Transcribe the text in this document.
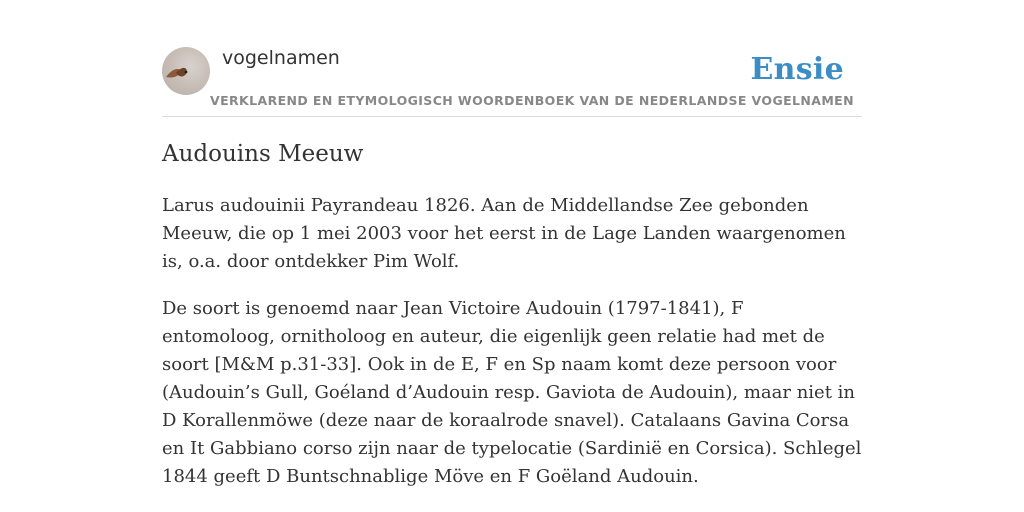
vogelnamen
VERKLAREND EN ETYMOLOGISCH WOORDENBOEK VAN DE NEDERLANDSE VOGELNAMEN
Ensie
Audouins Meeuw

Larus audouinii Payrandeau 1826. Aan de Middellandse Zee gebonden Meeuw, die op 1 mei 2003 voor het eerst in de Lage Landen waargenomen is, o.a. door ontdekker Pim Wolf.

De soort is genoemd naar Jean Victoire Audouin (1797-1841), F entomoloog, ornitholoog en auteur, die eigenlijk geen relatie had met de soort [M&M p.31-33]. Ook in de E, F en Sp naam komt deze persoon voor (Audouin’s Gull, Goéland d’Audouin resp. Gaviota de Audouin), maar niet in D Korallenmöwe (deze naar de koraalrode snavel). Catalaans Gavina Corsa en It Gabbiano corso zijn naar de typelocatie (Sardinië en Corsica). Schlegel 1844 geeft D Buntschnablige Möve en F Goëland Audouin.
